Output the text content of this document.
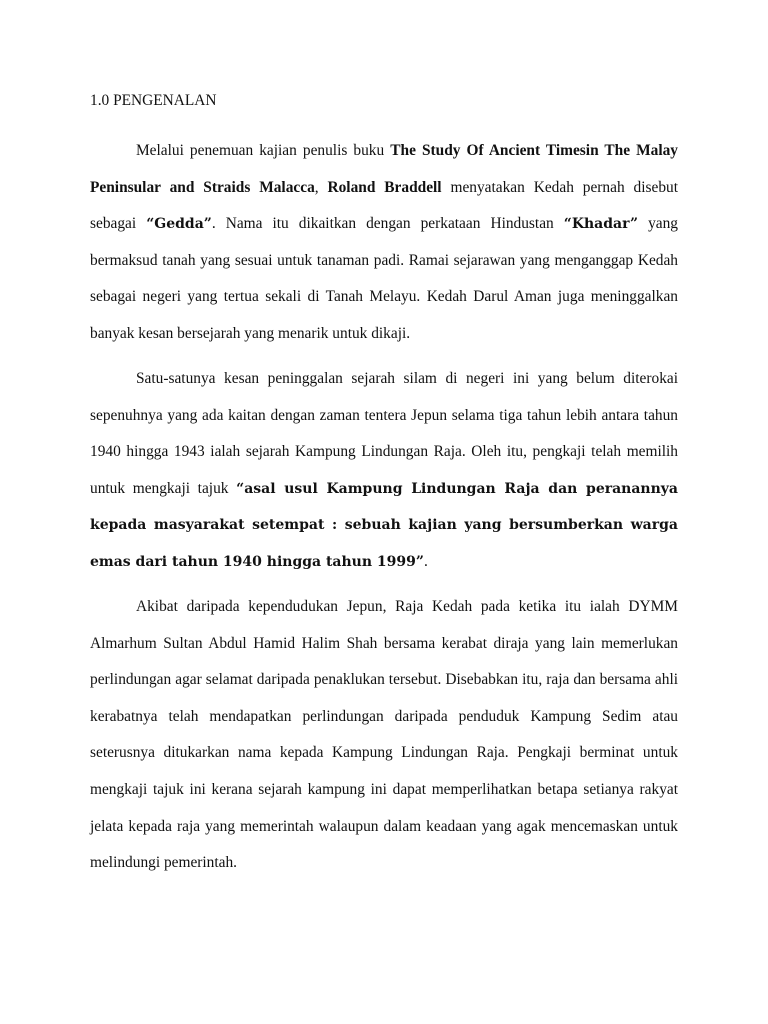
1.0 PENGENALAN

Melalui penemuan kajian penulis buku The Study Of Ancient Timesin The Malay Peninsular and Straids Malacca, Roland Braddell menyatakan Kedah pernah disebut sebagai “Gedda”. Nama itu dikaitkan dengan perkataan Hindustan “Khadar” yang bermaksud tanah yang sesuai untuk tanaman padi. Ramai sejarawan yang menganggap Kedah sebagai negeri yang tertua sekali di Tanah Melayu. Kedah Darul Aman juga meninggalkan banyak kesan bersejarah yang menarik untuk dikaji.

Satu-satunya kesan peninggalan sejarah silam di negeri ini yang belum diterokai sepenuhnya yang ada kaitan dengan zaman tentera Jepun selama tiga tahun lebih antara tahun 1940 hingga 1943 ialah sejarah Kampung Lindungan Raja. Oleh itu, pengkaji telah memilih untuk mengkaji tajuk “asal usul Kampung Lindungan Raja dan peranannya kepada masyarakat setempat : sebuah kajian yang bersumberkan warga emas dari tahun 1940 hingga tahun 1999”.

Akibat daripada kependudukan Jepun, Raja Kedah pada ketika itu ialah DYMM Almarhum Sultan Abdul Hamid Halim Shah bersama kerabat diraja yang lain memerlukan perlindungan agar selamat daripada penaklukan tersebut. Disebabkan itu, raja dan bersama ahli kerabatnya telah mendapatkan perlindungan daripada penduduk Kampung Sedim atau seterusnya ditukarkan nama kepada Kampung Lindungan Raja. Pengkaji berminat untuk mengkaji tajuk ini kerana sejarah kampung ini dapat memperlihatkan betapa setianya rakyat jelata kepada raja yang memerintah walaupun dalam keadaan yang agak mencemaskan untuk melindungi pemerintah.
